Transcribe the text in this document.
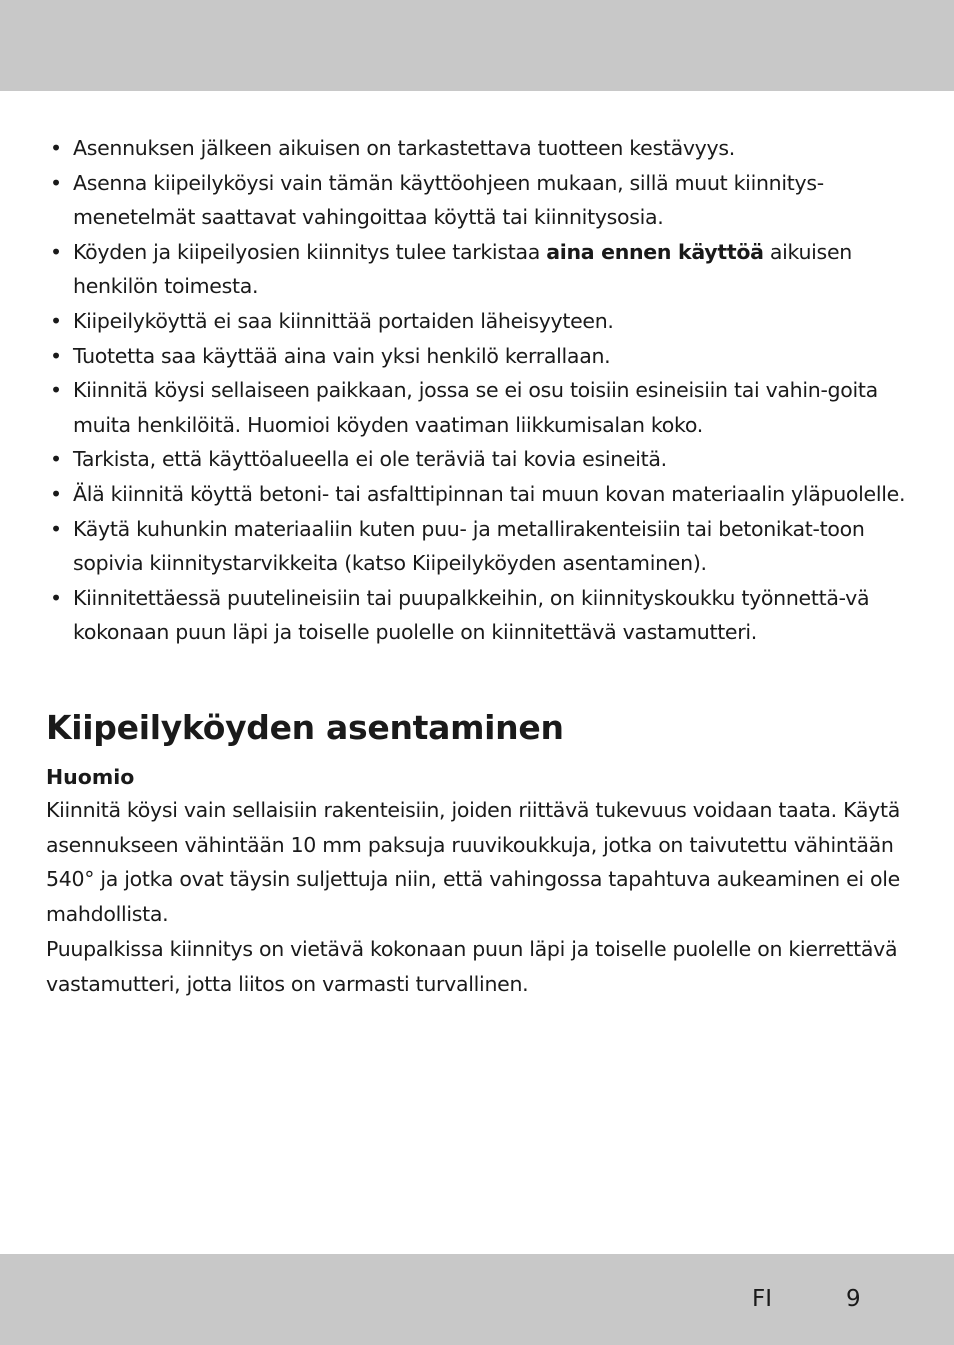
• Asennuksen jälkeen aikuisen on tarkastettava tuotteen kestävyys.
• Asenna kiipeilyköysi vain tämän käyttöohjeen mukaan, sillä muut kiinnitys-menetelmät saattavat vahingoittaa köyttä tai kiinnitysosia.
• Köyden ja kiipeilyosien kiinnitys tulee tarkistaa aina ennen käyttöä aikuisen henkilön toimesta.
• Kiipeilyköyttä ei saa kiinnittää portaiden läheisyyteen.
• Tuotetta saa käyttää aina vain yksi henkilö kerrallaan.
• Kiinnitä köysi sellaiseen paikkaan, jossa se ei osu toisiin esineisiin tai vahin-goita muita henkilöitä. Huomioi köyden vaatiman liikkumisalan koko.
• Tarkista, että käyttöalueella ei ole teräviä tai kovia esineitä.
• Älä kiinnitä köyttä betoni- tai asfalttipinnan tai muun kovan materiaalin yläpuolelle.
• Käytä kuhunkin materiaaliin kuten puu- ja metallirakenteisiin tai betonikat-toon sopivia kiinnitystarvikkeita (katso Kiipeilyköyden asentaminen).
• Kiinnitettäessä puutelineisiin tai puupalkkeihin, on kiinnityskoukku työnnettä-vä kokonaan puun läpi ja toiselle puolelle on kiinnitettävä vastamutteri.
Kiipeilyköyden asentaminen
Huomio

Kiinnitä köysi vain sellaisiin rakenteisiin, joiden riittävä tukevuus voidaan taata. Käytä asennukseen vähintään 10 mm paksuja ruuvikoukkuja, jotka on taivutettu vähintään 540° ja jotka ovat täysin suljettuja niin, että vahingossa tapahtuva aukeaminen ei ole mahdollista.

Puupalkissa kiinnitys on vietävä kokonaan puun läpi ja toiselle puolelle on kierrettävä vastamutteri, jotta liitos on varmasti turvallinen.

FI	9
